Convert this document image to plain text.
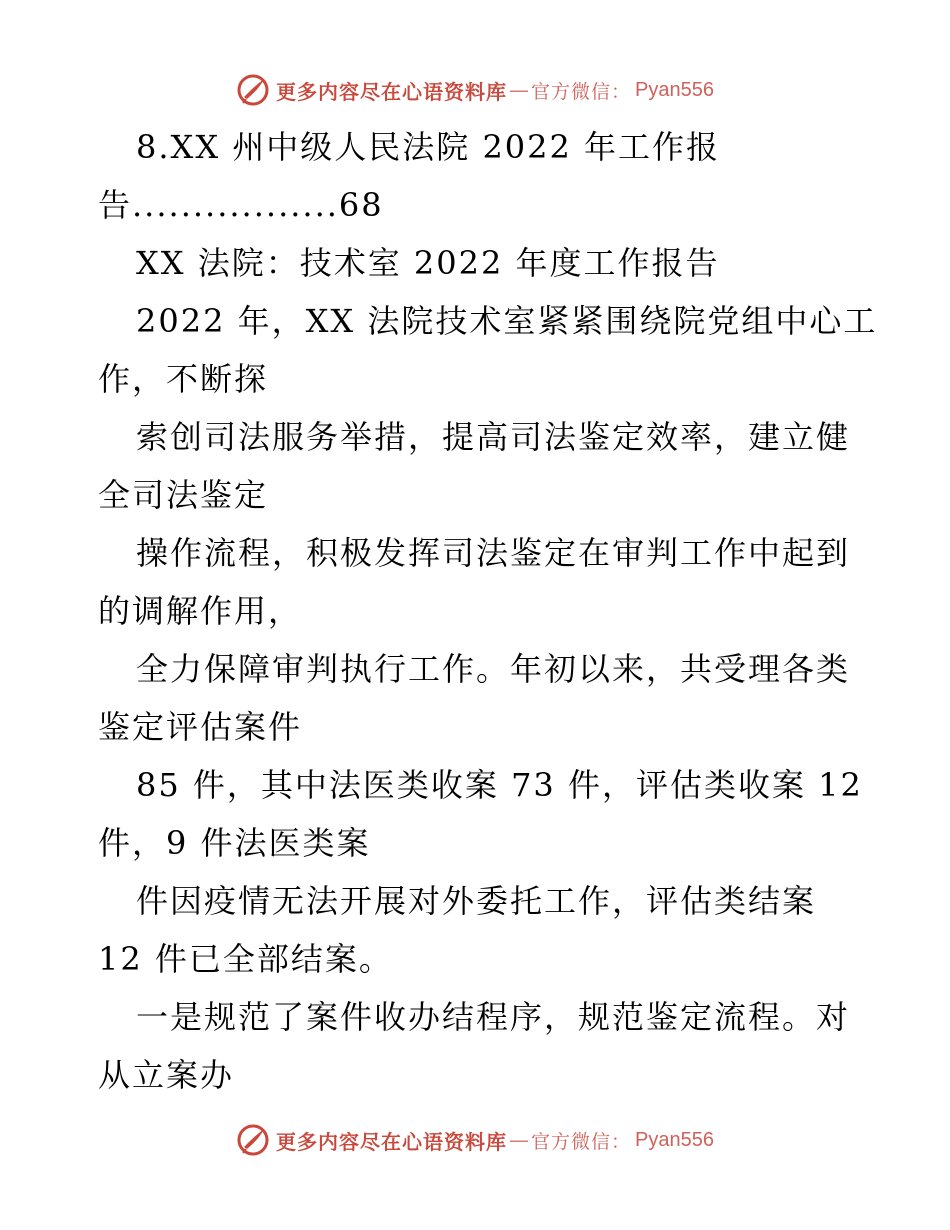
更多内容尽在心语资料库 — 官方微信： Pyan556
8.XX 州中级人民法院 2022 年工作报
告.................68
XX 法院：技术室 2022 年度工作报告
2022 年，XX 法院技术室紧紧围绕院党组中心工
作，不断探
索创司法服务举措，提高司法鉴定效率，建立健
全司法鉴定
操作流程，积极发挥司法鉴定在审判工作中起到
的调解作用，
全力保障审判执行工作。年初以来，共受理各类
鉴定评估案件
85 件，其中法医类收案 73 件，评估类收案 12
件，9 件法医类案
件因疫情无法开展对外委托工作，评估类结案
12 件已全部结案。
一是规范了案件收办结程序，规范鉴定流程。对
从立案办
更多内容尽在心语资料库 — 官方微信： Pyan556
